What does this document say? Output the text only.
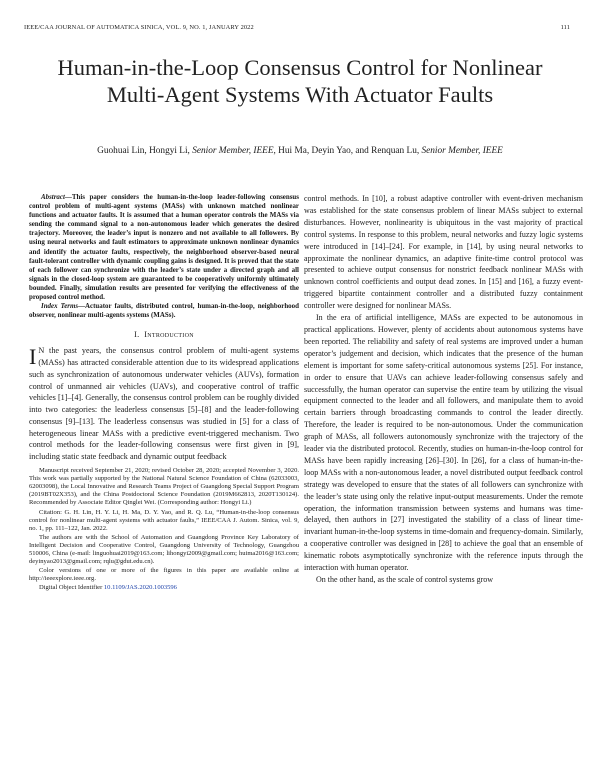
IEEE/CAA JOURNAL OF AUTOMATICA SINICA, VOL. 9, NO. 1, JANUARY 2022	111
Human-in-the-Loop Consensus Control for Nonlinear Multi-Agent Systems With Actuator Faults
Guohuai Lin, Hongyi Li, Senior Member, IEEE, Hui Ma, Deyin Yao, and Renquan Lu, Senior Member, IEEE

Abstract—This paper considers the human-in-the-loop leader-following consensus control problem of multi-agent systems (MASs) with unknown matched nonlinear functions and actuator faults. It is assumed that a human operator controls the MASs via sending the command signal to a non-autonomous leader which generates the desired trajectory. Moreover, the leader’s input is nonzero and not available to all followers. By using neural networks and fault estimators to approximate unknown nonlinear dynamics and identify the actuator faults, respectively, the neighborhood observer-based neural fault-tolerant controller with dynamic coupling gains is designed. It is proved that the state of each follower can synchronize with the leader’s state under a directed graph and all signals in the closed-loop system are guaranteed to be cooperatively uniformly ultimately bounded. Finally, simulation results are presented for verifying the effectiveness of the proposed control method.

Index Terms—Actuator faults, distributed control, human-in-the-loop, neighborhood observer, nonlinear multi-agents systems (MASs).

I. Introduction

I N the past years, the consensus control problem of multi-agent systems (MASs) has attracted considerable attention due to its widespread applications such as synchronization of autonomous underwater vehicles (AUVs), formation control of unmanned air vehicles (UAVs), and cooperative control of traffic vehicles [1]–[4]. Generally, the consensus control problem can be roughly divided into two categories: the leaderless consensus [5]–[8] and the leader-following consensus [9]–[13]. The leaderless consensus was studied in [5] for a class of heterogeneous linear MASs with a predictive event-triggered mechanism. Two control methods for the leader-following consensus were first given in [9], including static state feedback and dynamic output feedback

Manuscript received September 21, 2020; revised October 28, 2020; accepted November 3, 2020. This work was partially supported by the National Natural Science Foundation of China (62033003, 62003098), the Local Innovative and Research Teams Project of Guangdong Special Support Program (2019BT02X353), and the China Postdoctoral Science Foundation (2019M662813, 2020T130124). Recommended by Associate Editor Qinglei Wei. (Corresponding author: Hongyi Li.)

Citation: G. H. Lin, H. Y. Li, H. Ma, D. Y. Yao, and R. Q. Lu, “Human-in-the-loop consensus control for nonlinear multi-agent systems with actuator faults,” IEEE/CAA J. Autom. Sinica, vol. 9, no. 1, pp. 111–122, Jan. 2022.

The authors are with the School of Automation and Guangdong Province Key Laboratory of Intelligent Decision and Cooperative Control, Guangdong University of Technology, Guangzhou 510006, China (e-mail: linguohuai2019@163.com; lihongyi2009@gmail.com; huima2016@163.com; deyinyao2013@gmail.com; rqlu@gdut.edu.cn).

Color versions of one or more of the figures in this paper are available online at http://ieeexplore.ieee.org.

Digital Object Identifier 10.1109/JAS.2020.1003596

control methods. In [10], a robust adaptive controller with event-driven mechanism was established for the state consensus problem of linear MASs subject to external disturbances. However, nonlinearity is ubiquitous in the vast majority of practical control systems. In response to this problem, neural networks and fuzzy logic systems were introduced in [14]–[24]. For example, in [14], by using neural networks to approximate the nonlinear dynamics, an adaptive finite-time control protocol was presented to achieve output consensus for nonstrict feedback nonlinear MASs with unknown control coefficients and output dead zones. In [15] and [16], a fuzzy event-triggered bipartite containment controller and a distributed fuzzy containment controller were designed for nonlinear MASs.

In the era of artificial intelligence, MASs are expected to be autonomous in practical applications. However, plenty of accidents about autonomous systems have been reported. The reliability and safety of real systems are improved under a human operator’s judgement and decision, which indicates that the presence of the human element is important for some safety-critical autonomous systems [25]. For instance, in order to ensure that UAVs can achieve leader-following consensus safely and successfully, the human operator can supervise the entire team by utilizing the visual equipment connected to the leader and all followers, and manipulate them to avoid certain barriers through broadcasting commands to control the leader directly. Therefore, the leader is required to be non-autonomous. Under the communication graph of MASs, all followers autonomously synchronize with the trajectory of the leader via the distributed protocol. Recently, studies on human-in-the-loop control for MASs have been rapidly increasing [26]–[30]. In [26], for a class of human-in-the-loop MASs with a non-autonomous leader, a novel distributed output feedback control strategy was developed to ensure that the states of all followers can synchronize with the leader’s state using only the relative input-output measurements. Under the remote operation, the information transmission between systems and humans was time-delayed, then authors in [27] investigated the stability of a class of linear time-invariant human-in-the-loop systems in time-domain and frequency-domain. Similarly, a cooperative controller was designed in [28] to achieve the goal that an ensemble of kinematic robots asymptotically synchronize with the reference inputs through the interaction with human operator.

On the other hand, as the scale of control systems grow
